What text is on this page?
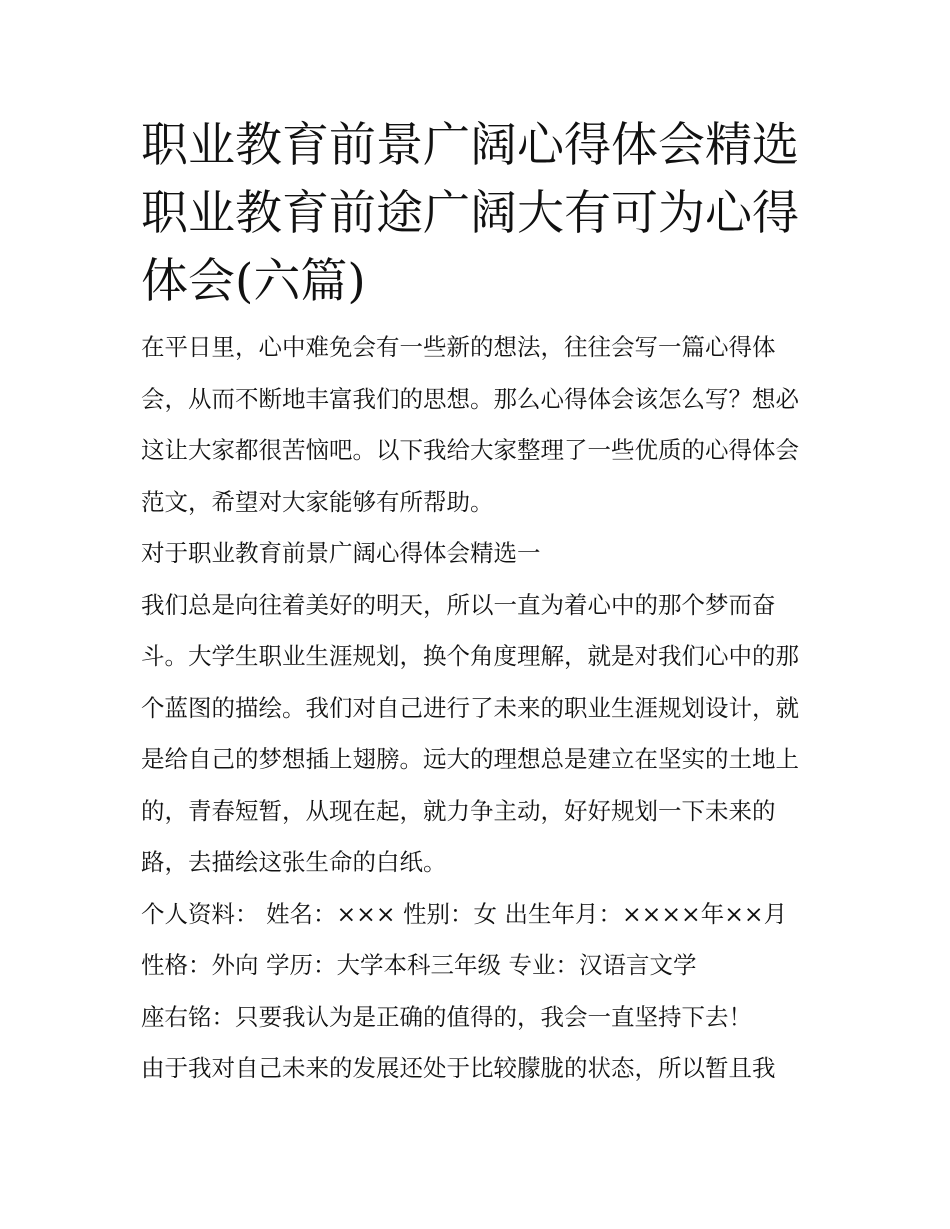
职业教育前景广阔心得体会精选 职业教育前途广阔大有可为心得体会(六篇)

在平日里，心中难免会有一些新的想法，往往会写一篇心得体会，从而不断地丰富我们的思想。那么心得体会该怎么写？想必这让大家都很苦恼吧。以下我给大家整理了一些优质的心得体会范文，希望对大家能够有所帮助。

对于职业教育前景广阔心得体会精选一

我们总是向往着美好的明天，所以一直为着心中的那个梦而奋斗。大学生职业生涯规划，换个角度理解，就是对我们心中的那个蓝图的描绘。我们对自己进行了未来的职业生涯规划设计，就是给自己的梦想插上翅膀。远大的理想总是建立在坚实的土地上的，青春短暂，从现在起，就力争主动，好好规划一下未来的路，去描绘这张生命的白纸。

个人资料： 姓名：××× 性别：女 出生年月：××××年××月 性格：外向 学历：大学本科三年级 专业：汉语言文学

座右铭：只要我认为是正确的值得的，我会一直坚持下去！

由于我对自己未来的发展还处于比较朦胧的状态，所以暂且我
